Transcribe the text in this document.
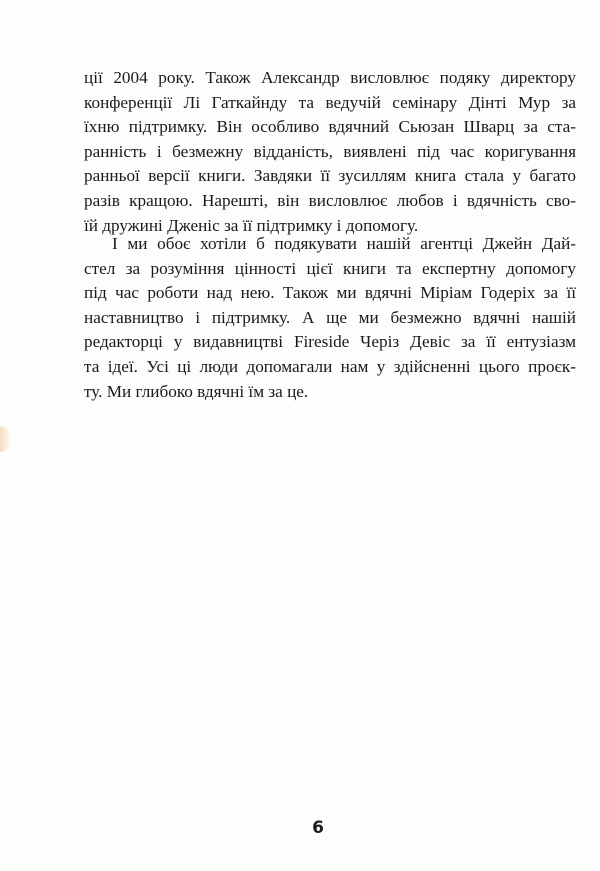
ції 2004 року. Також Александр висловлює подяку директору
конференції Лі Гаткайнду та ведучій семінару Дінті Мур за
їхню підтримку. Він особливо вдячний Сьюзан Шварц за ста-
ранність і безмежну відданість, виявлені під час коригування
ранньої версії книги. Завдяки її зусиллям книга стала у багато
разів кращою. Нарешті, він висловлює любов і вдячність сво-
їй дружині Дженіс за її підтримку і допомогу.
І ми обоє хотіли б подякувати нашій агентці Джейн Дай-
стел за розуміння цінності цієї книги та експертну допомогу
під час роботи над нею. Також ми вдячні Міріам Годеріх за її
наставництво і підтримку. А ще ми безмежно вдячні нашій
редакторці у видавництві Fireside Черіз Девіс за її ентузіазм
та ідеї. Усі ці люди допомагали нам у здійсненні цього проєк-
ту. Ми глибоко вдячні їм за це.
6
